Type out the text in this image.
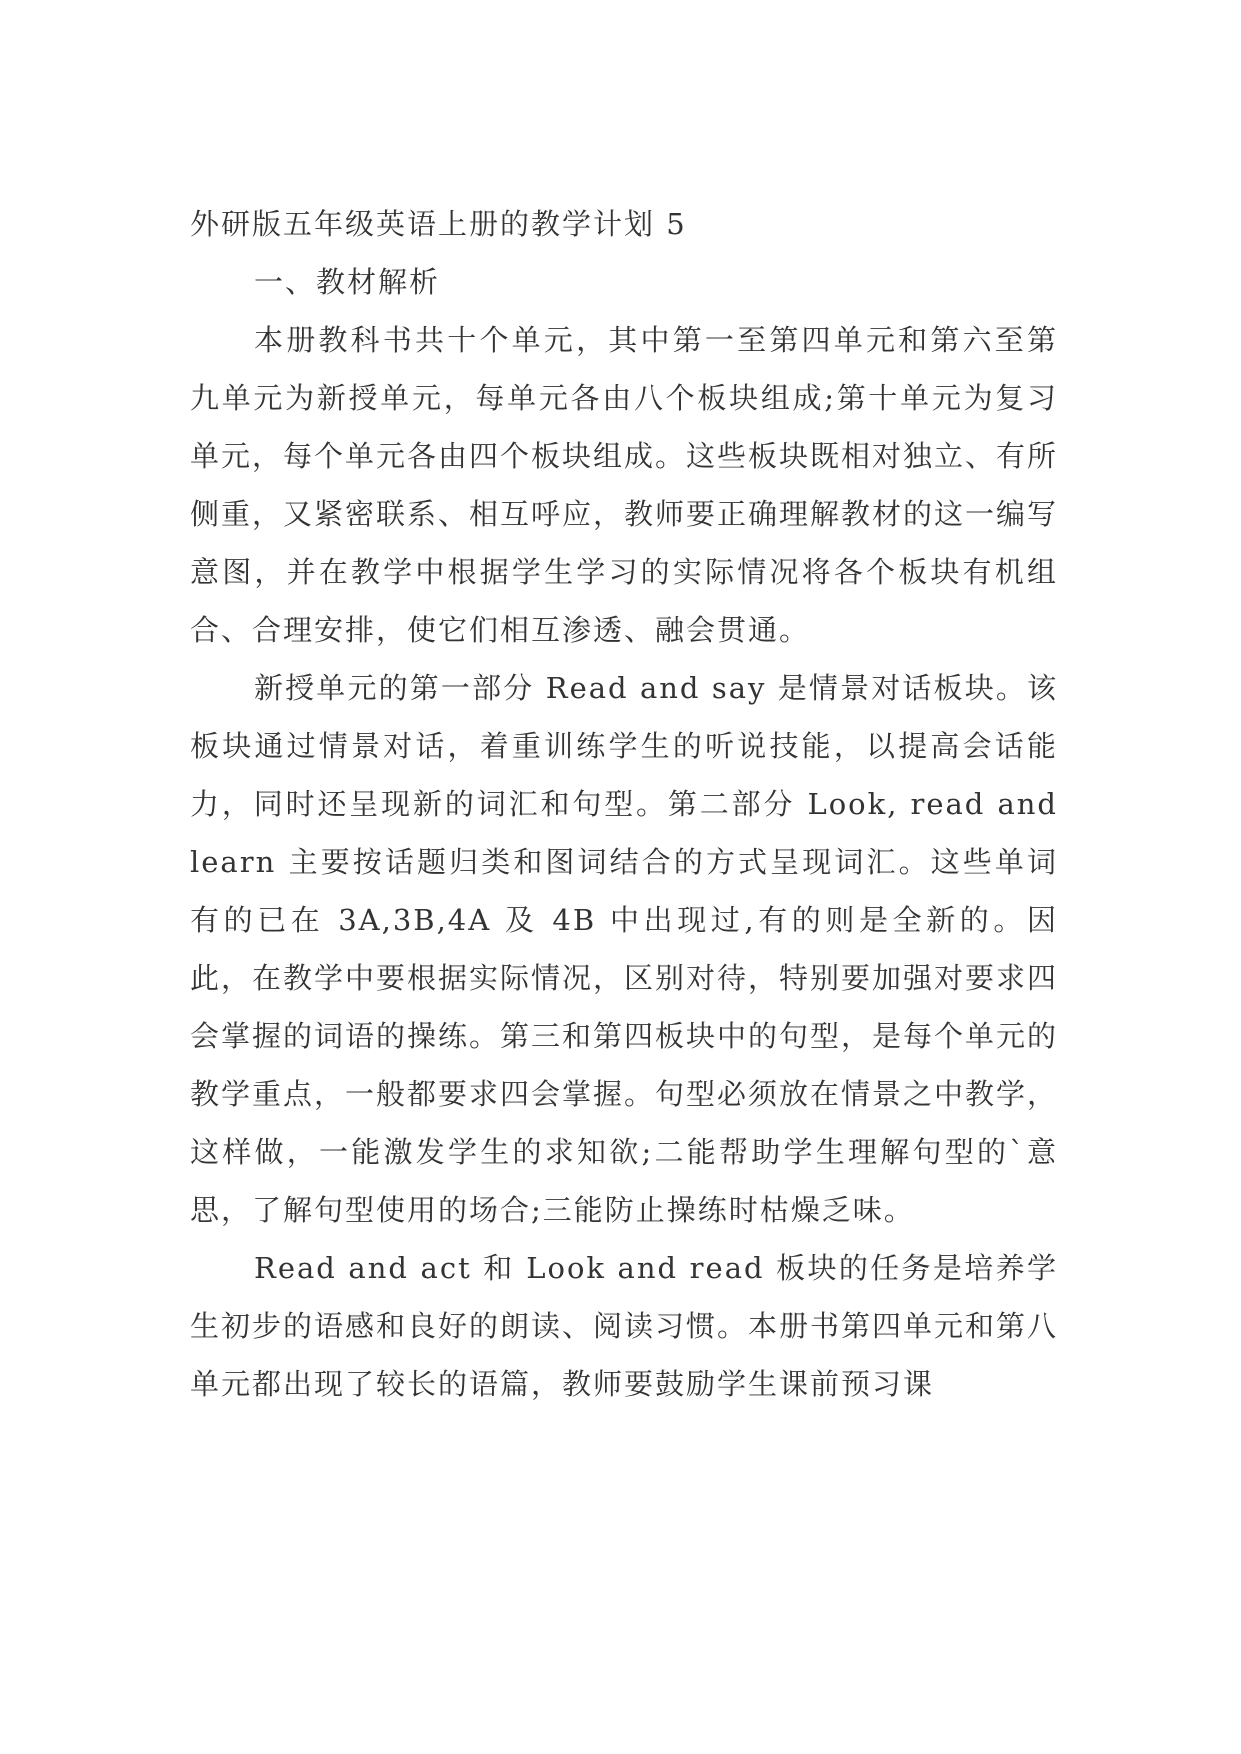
外研版五年级英语上册的教学计划 5
一、教材解析

本册教科书共十个单元，其中第一至第四单元和第六至第九单元为新授单元，每单元各由八个板块组成;第十单元为复习单元，每个单元各由四个板块组成。这些板块既相对独立、有所侧重，又紧密联系、相互呼应，教师要正确理解教材的这一编写意图，并在教学中根据学生学习的实际情况将各个板块有机组合、合理安排，使它们相互渗透、融会贯通。

新授单元的第一部分 Read and say 是情景对话板块。该板块通过情景对话，着重训练学生的听说技能，以提高会话能力，同时还呈现新的词汇和句型。第二部分 Look, read and learn 主要按话题归类和图词结合的方式呈现词汇。这些单词有的已在 3A,3B,4A 及 4B 中出现过,有的则是全新的。因此，在教学中要根据实际情况，区别对待，特别要加强对要求四会掌握的词语的操练。第三和第四板块中的句型，是每个单元的教学重点，一般都要求四会掌握。句型必须放在情景之中教学，这样做，一能激发学生的求知欲;二能帮助学生理解句型的`意思，了解句型使用的场合;三能防止操练时枯燥乏味。

Read and act 和 Look and read 板块的任务是培养学生初步的语感和良好的朗读、阅读习惯。本册书第四单元和第八单元都出现了较长的语篇，教师要鼓励学生课前预习课
